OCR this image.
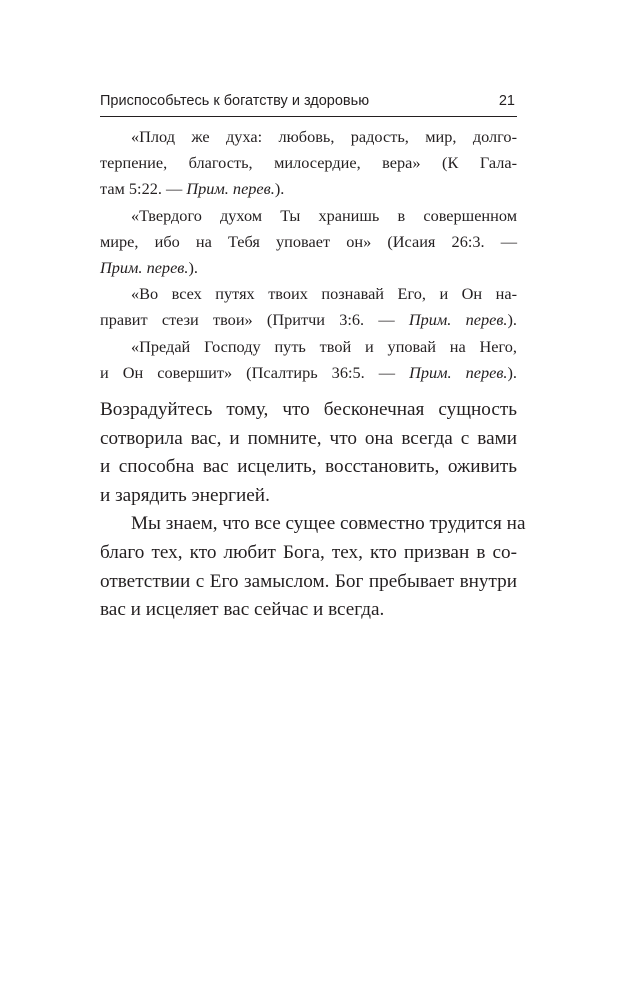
Приспособьтесь к богатству и здоровью	21
«Плод же духа: любовь, радость, мир, долго-
терпение, благость, милосердие, вера» (К Гала-
там 5:22. — Прим. перев.).
«Твердого духом Ты хранишь в совершенном
мире, ибо на Тебя уповает он» (Исаия 26:3. —
Прим. перев.).
«Во всех путях твоих познавай Его, и Он на-
правит стези твои» (Притчи 3:6. — Прим. перев.).
«Предай Господу путь твой и уповай на Него,
и Он совершит» (Псалтирь 36:5. — Прим. перев.).
Возрадуйтесь тому, что бесконечная сущность
сотворила вас, и помните, что она всегда с вами
и способна вас исцелить, восстановить, оживить
и зарядить энергией.
Мы знаем, что все сущее совместно трудится на
благо тех, кто любит Бога, тех, кто призван в со-
ответствии с Его замыслом. Бог пребывает внутри
вас и исцеляет вас сейчас и всегда.
